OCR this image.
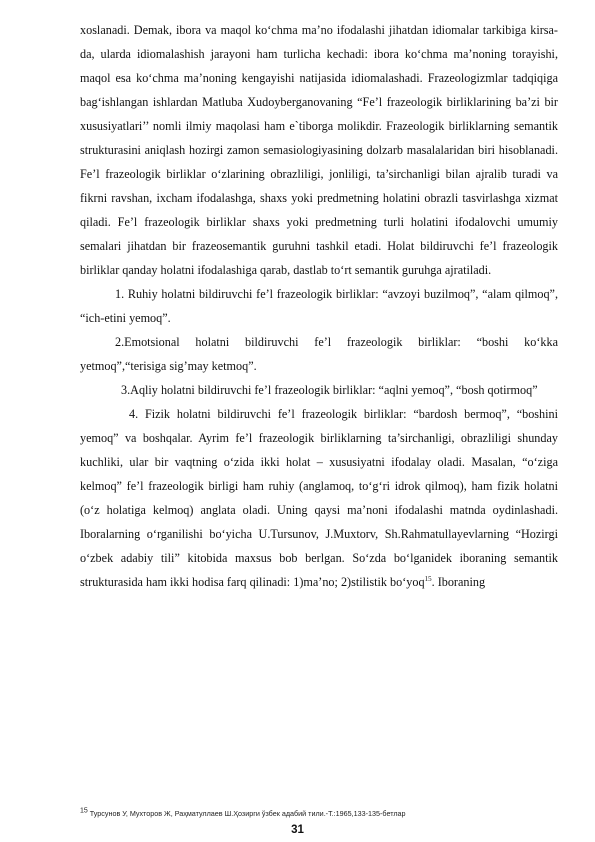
xoslanadi. Demak, ibora va maqol ko‘chma ma’no ifodalashi jihatdan idiomalar tarkibiga kirsa-da, ularda idiomalashish jarayoni ham turlicha kechadi: ibora ko‘chma ma’noning torayishi, maqol esa ko‘chma ma’noning kengayishi natijasida idiomalashadi. Frazeologizmlar tadqiqiga bag‘ishlangan ishlardan Matluba Xudoyberganovaning “Fe’l frazeologik birliklarining ba’zi bir xususiyatlari’’ nomli ilmiy maqolasi ham e`tiborga molikdir. Frazeologik birliklarning semantik strukturasini aniqlash hozirgi zamon semasiologiyasining dolzarb masalalaridan biri hisoblanadi. Fe’l frazeologik birliklar o‘zlarining obrazliligi, jonliligi, ta’sirchanligi bilan ajralib turadi va fikrni ravshan, ixcham ifodalashga, shaxs yoki predmetning holatini obrazli tasvirlashga xizmat qiladi. Fe’l frazeologik birliklar shaxs yoki predmetning turli holatini ifodalovchi umumiy semalari jihatdan bir frazeosemantik guruhni tashkil etadi. Holat bildiruvchi fe’l frazeologik birliklar qanday holatni ifodalashiga qarab, dastlab to‘rt semantik guruhga ajratiladi.

1. Ruhiy holatni bildiruvchi fe’l frazeologik birliklar: “avzoyi buzilmoq”, “alam qilmoq”, “ich-etini yemoq”.

2.Emotsional holatni bildiruvchi fe’l frazeologik birliklar: “boshi ko‘kka yetmoq”,“terisiga sig’may ketmoq”.

3.Aqliy holatni bildiruvchi fe’l frazeologik birliklar: “aqlni yemoq”, “bosh qotirmoq”

4. Fizik holatni bildiruvchi fe’l frazeologik birliklar: “bardosh bermoq”, “boshini yemoq” va boshqalar. Ayrim fe’l frazeologik birliklarning ta’sirchanligi, obrazliligi shunday kuchliki, ular bir vaqtning o‘zida ikki holat – xususiyatni ifodalay oladi. Masalan, “o‘ziga kelmoq” fe’l frazeologik birligi ham ruhiy (anglamoq, to‘g‘ri idrok qilmoq), ham fizik holatni (o‘z holatiga kelmoq) anglata oladi. Uning qaysi ma’noni ifodalashi matnda oydinlashadi. Iboralarning o‘rganilishi bo‘yicha U.Tursunov, J.Muxtorv, Sh.Rahmatullayevlarning “Hozirgi o‘zbek adabiy tili” kitobida maxsus bob berlgan. So‘zda bo‘lganidek iboraning semantik strukturasida ham ikki hodisa farq qilinadi: 1)ma’no; 2)stilistik bo‘yoq$^{15}$. Iboraning

$^{15}$ Турсунов У, Мухторов Ж, Раҳматуллаев Ш.Ҳозирги ўзбек адабий тили.-Т.:1965,133-135-бетлар
31
